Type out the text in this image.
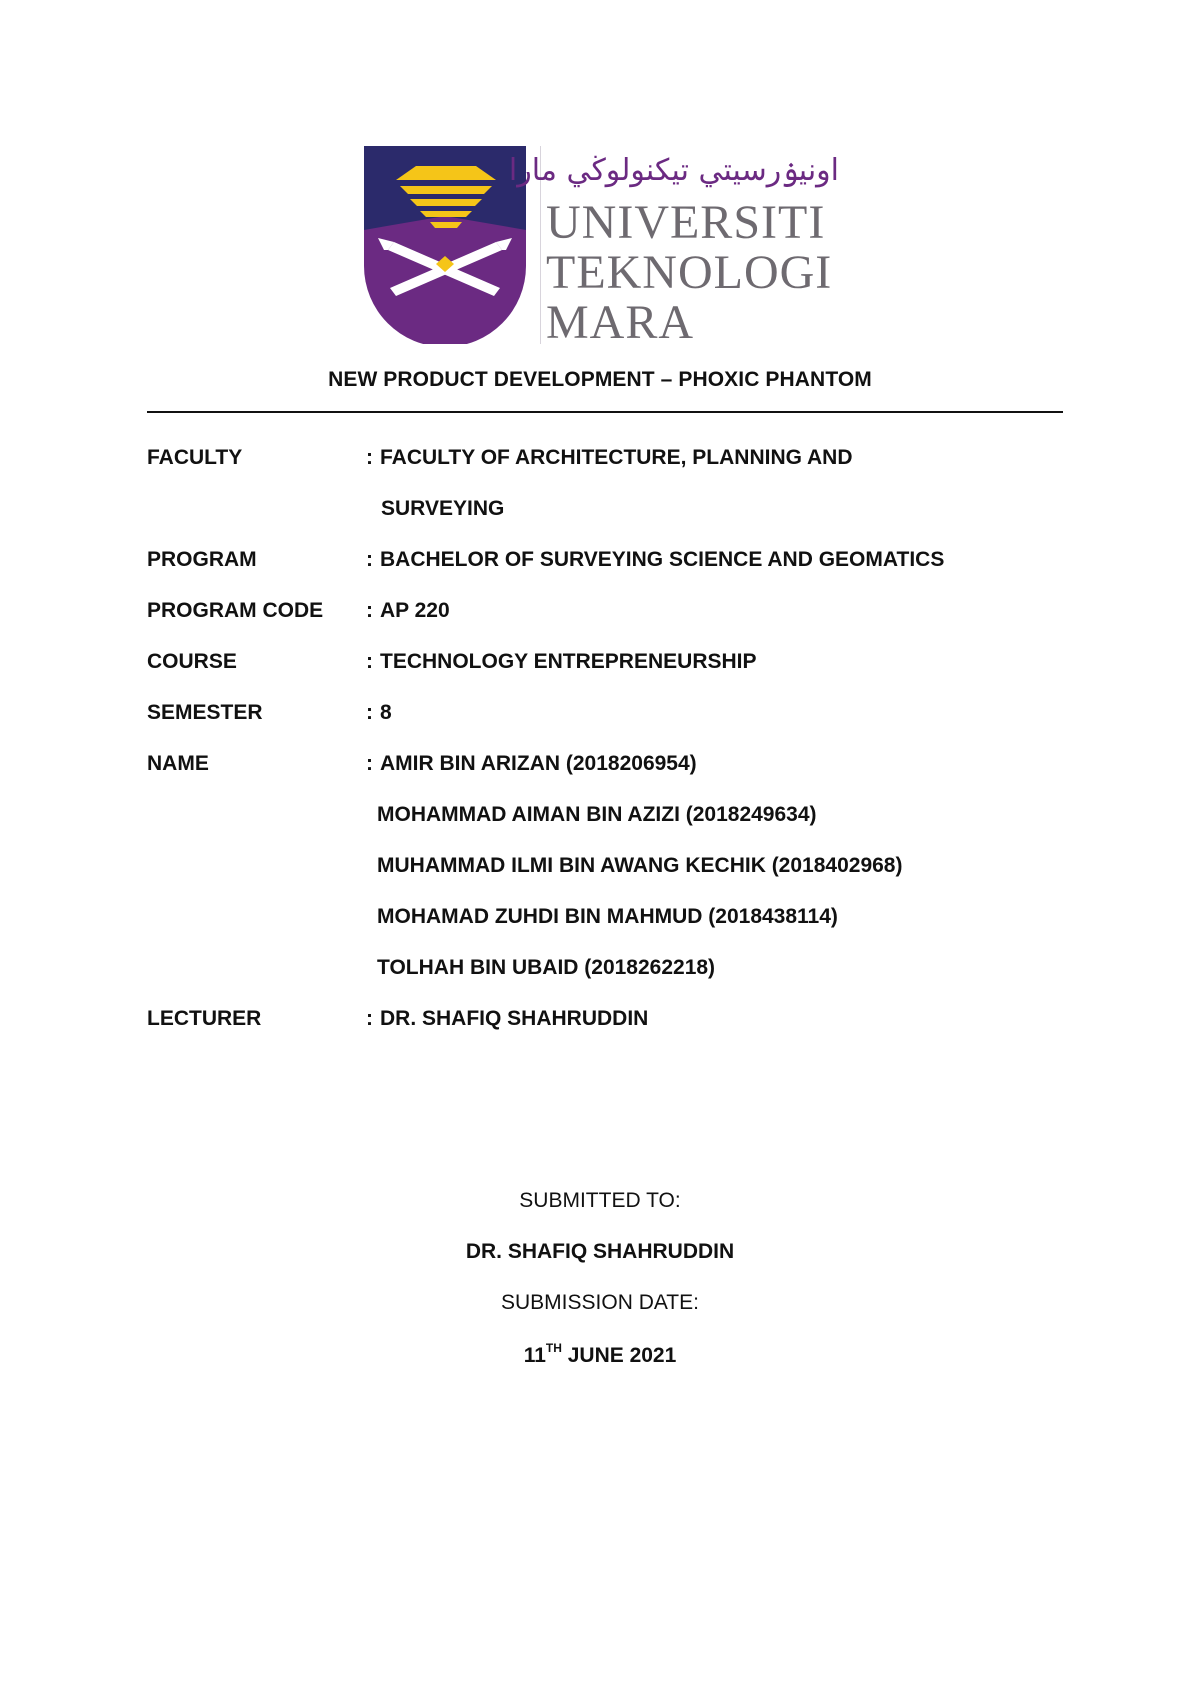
اونيۏرسيتي تيكنولوڬي مارا
UNIVERSITI
TEKNOLOGI
MARA
NEW PRODUCT DEVELOPMENT – PHOXIC PHANTOM
FACULTY	: FACULTY OF ARCHITECTURE, PLANNING AND
SURVEYING
PROGRAM	: BACHELOR OF SURVEYING SCIENCE AND GEOMATICS
PROGRAM CODE : AP 220
COURSE	: TECHNOLOGY ENTREPRENEURSHIP
SEMESTER	: 8
NAME	: AMIR BIN ARIZAN (2018206954)
MOHAMMAD AIMAN BIN AZIZI (2018249634)
MUHAMMAD ILMI BIN AWANG KECHIK (2018402968)
MOHAMAD ZUHDI BIN MAHMUD (2018438114)
TOLHAH BIN UBAID (2018262218)
LECTURER	: DR. SHAFIQ SHAHRUDDIN
SUBMITTED TO:
DR. SHAFIQ SHAHRUDDIN
SUBMISSION DATE:
11TH JUNE 2021
